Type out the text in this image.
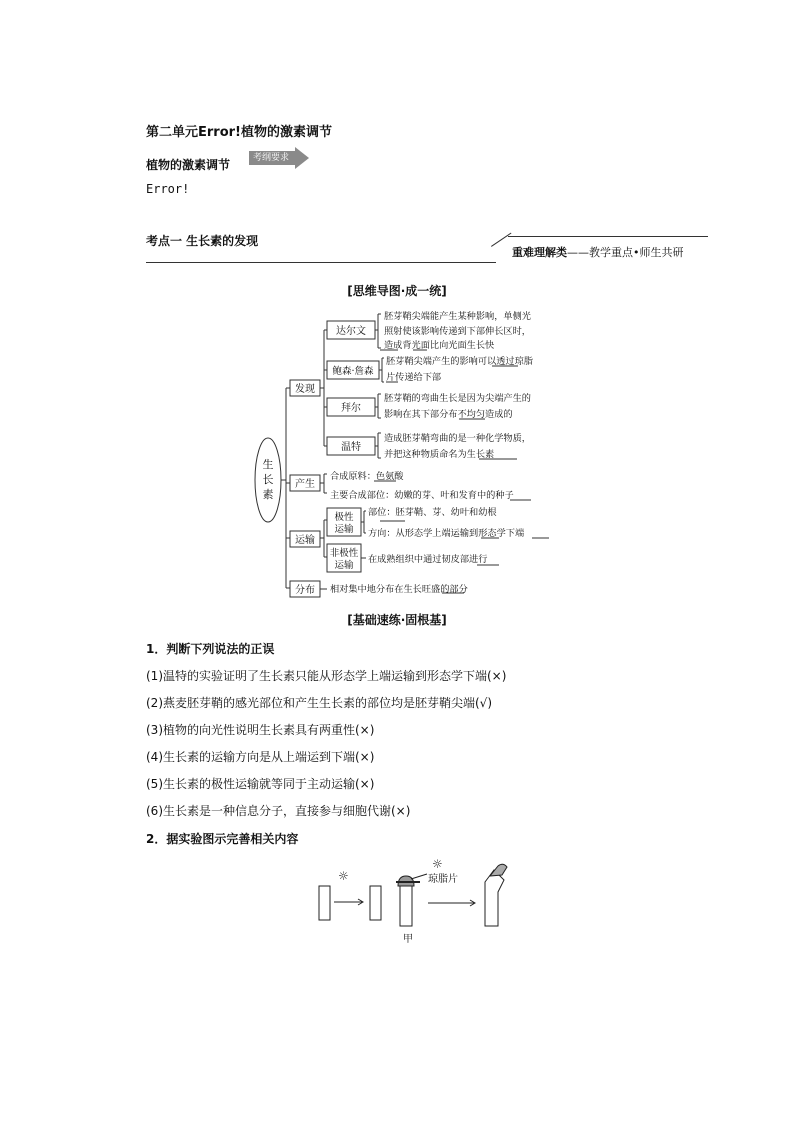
第二单元Error!植物的激素调节
植物的激素调节	考纲要求
Error!
考点一 生长素的发现
重难理解类——教学重点•师生共研
[思维导图·成一统]
生
长
素
发现
产生
运输
分布
达尔文
鲍森·詹森
拜尔
温特
胚芽鞘尖端能产生某种影响，单侧光
照射使该影响传递到下部伸长区时，
造成背光面比向光面生长快
胚芽鞘尖端产生的影响可以透过琼脂
片传递给下部
胚芽鞘的弯曲生长是因为尖端产生的
影响在其下部分布不均匀造成的
造成胚芽鞘弯曲的是一种化学物质，
并把这种物质命名为生长素
合成原料：色氨酸
主要合成部位：幼嫩的芽、叶和发育中的种子
极性
运输
非极性
运输
部位：胚芽鞘、芽、幼叶和幼根
方向：从形态学上端运输到形态学下端
在成熟组织中通过韧皮部进行
相对集中地分布在生长旺盛的部分
[基础速练·固根基]
1．判断下列说法的正误
(1)温特的实验证明了生长素只能从形态学上端运输到形态学下端(×)
(2)燕麦胚芽鞘的感光部位和产生生长素的部位均是胚芽鞘尖端(√)
(3)植物的向光性说明生长素具有两重性(×)
(4)生长素的运输方向是从上端运到下端(×)
(5)生长素的极性运输就等同于主动运输(×)
(6)生长素是一种信息分子，直接参与细胞代谢(×)
2．据实验图示完善相关内容
☼
☼
琼脂片
甲
